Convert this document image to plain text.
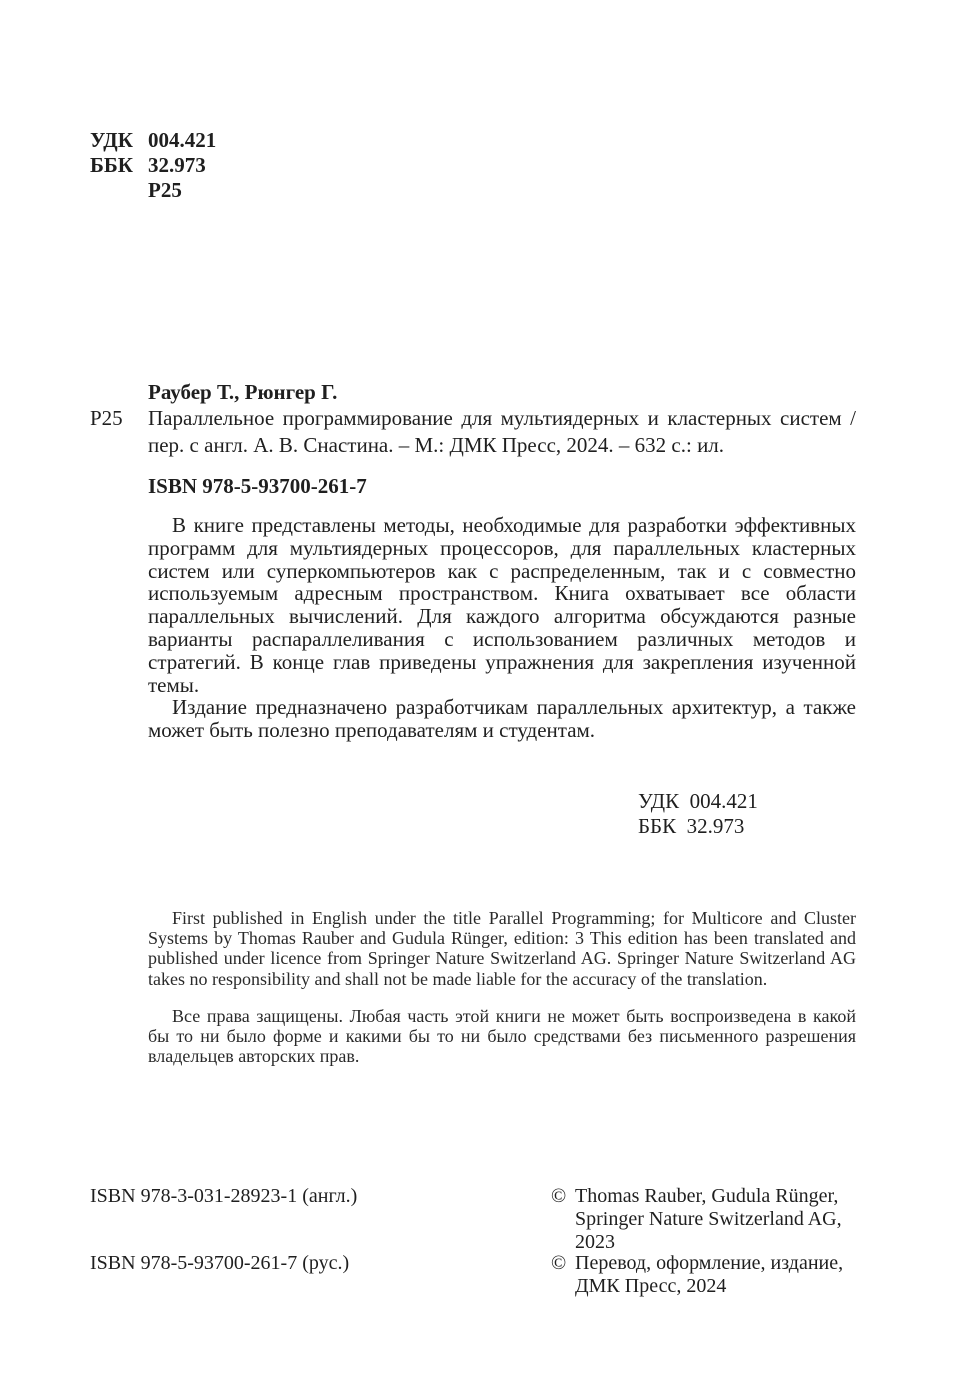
УДК 004.421
ББК 32.973
Р25
Раубер Т., Рюнгер Г.
Р25 Параллельное программирование для мультиядерных и кластерных систем /
пер. с англ. А. В. Снастина. – М.: ДМК Пресс, 2024. – 632 с.: ил.
ISBN 978-5-93700-261-7

В книге представлены методы, необходимые для разработки эффективных программ для мультиядерных процессоров, для параллельных кластерных систем или суперкомпьютеров как с распределенным, так и с совместно используемым адресным пространством. Книга охватывает все области параллельных вычислений. Для каждого алгоритма обсуждаются разные варианты распараллеливания с использованием различных методов и стратегий. В конце глав приведены упражнения для закрепления изученной темы.

Издание предназначено разработчикам параллельных архитектур, а также может быть полезно преподавателям и студентам.

УДК  004.421
ББК  32.973

First published in English under the title Parallel Programming; for Multicore and Cluster Systems by Thomas Rauber and Gudula Rünger, edition: 3 This edition has been translated and published under licence from Springer Nature Switzerland AG. Springer Nature Switzerland AG takes no responsibility and shall not be made liable for the accuracy of the translation.

Все права защищены. Любая часть этой книги не может быть воспроизведена в какой бы то ни было форме и какими бы то ни было средствами без письменного разрешения владельцев авторских прав.

ISBN 978-3-031-28923-1 (англ.)	© Thomas Rauber, Gudula Rünger,
Springer Nature Switzerland AG,
2023
ISBN 978-5-93700-261-7 (рус.)	© Перевод, оформление, издание,
ДМК Пресс, 2024
